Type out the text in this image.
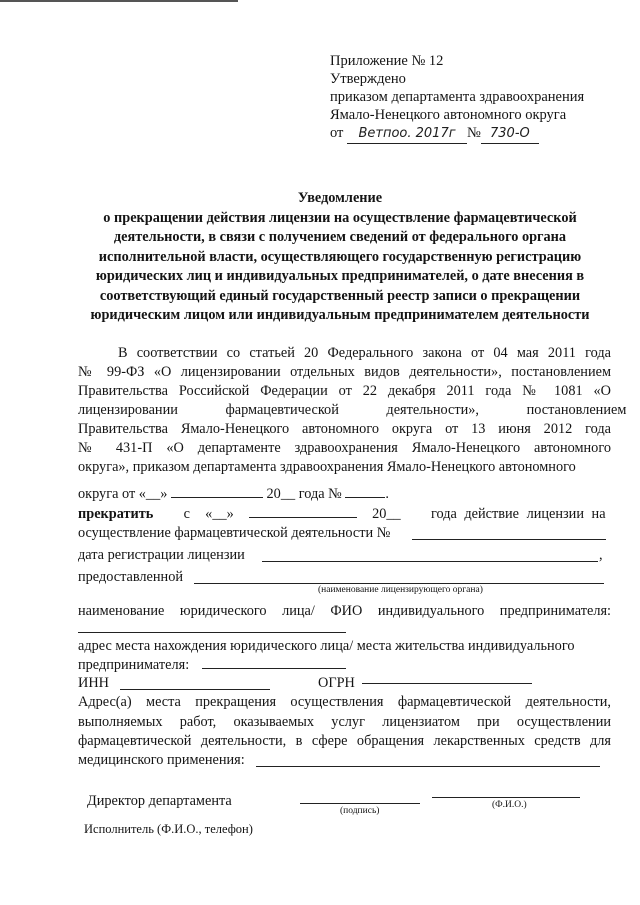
Приложение № 12
Утверждено
приказом департамента здравоохранения
Ямало-Ненецкого автономного округа
от Ветпоо. 2017г № 730-О
Уведомление
о прекращении действия лицензии на осуществление фармацевтической
деятельности, в связи с получением сведений от федерального органа
исполнительной власти, осуществляющего государственную регистрацию
юридических лиц и индивидуальных предпринимателей, о дате внесения в
соответствующий единый государственный реестр записи о прекращении
юридическим лицом или индивидуальным предпринимателем деятельности
В соответствии со статьей 20 Федерального закона от 04 мая 2011 года
№ 99-ФЗ «О лицензировании отдельных видов деятельности», постановлением
Правительства Российской Федерации от 22 декабря 2011 года № 1081 «О
лицензировании фармацевтической деятельности», постановлением
Правительства Ямало-Ненецкого автономного округа от 13 июня 2012 года
№ 431-П «О департаменте здравоохранения Ямало-Ненецкого автономного
округа», приказом департамента здравоохранения Ямало-Ненецкого автономного
округа от «__»	20__ года №	.
прекратить с «__»	20__ года действие лицензии на
осуществление фармацевтической деятельности №
дата регистрации лицензии	,
предоставленной
(наименование лицензирующего органа)
наименование юридического лица/ ФИО индивидуального предпринимателя:
адрес места нахождения юридического лица/ места жительства индивидуального
предпринимателя:
ИНН	ОГРН
Адрес(а) места прекращения осуществления фармацевтической деятельности,
выполняемых работ, оказываемых услуг лицензиатом при осуществлении
фармацевтической деятельности, в сфере обращения лекарственных средств для
медицинского применения:
Директор департамента
(подпись)
(Ф.И.О.)
Исполнитель (Ф.И.О., телефон)
